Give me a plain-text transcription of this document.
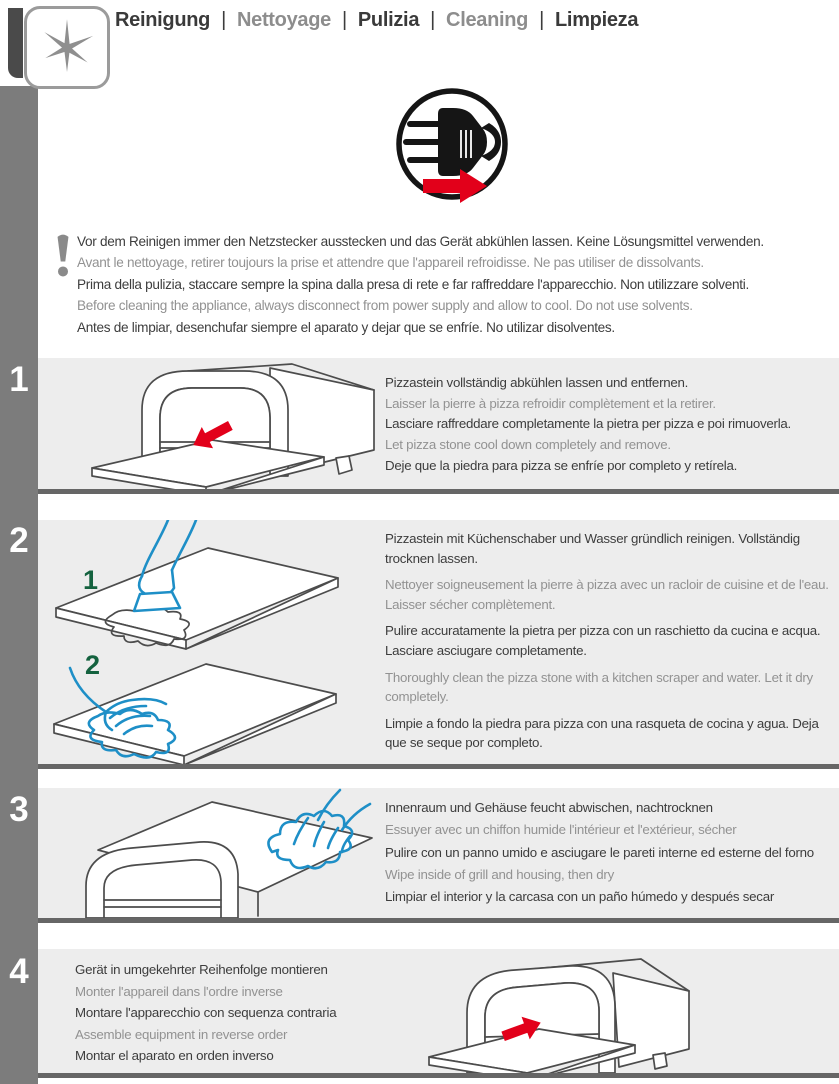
1
2
3
4
Reinigung | Nettoyage | Pulizia | Cleaning | Limpieza

Vor dem Reinigen immer den Netzstecker ausstecken und das Gerät abkühlen lassen. Keine Lösungsmittel verwenden.

Avant le nettoyage, retirer toujours la prise et attendre que l'appareil refroidisse. Ne pas utiliser de dissolvants.

Prima della pulizia, staccare sempre la spina dalla presa di rete e far raffreddare l'apparecchio. Non utilizzare solventi.

Before cleaning the appliance, always disconnect from power supply and allow to cool. Do not use solvents.

Antes de limpiar, desenchufar siempre el aparato y dejar que se enfríe. No utilizar disolventes.

Pizzastein vollständig abkühlen lassen und entfernen.

Laisser la pierre à pizza refroidir complètement et la retirer.

Lasciare raffreddare completamente la pietra per pizza e poi rimuoverla.

Let pizza stone cool down completely and remove.

Deje que la piedra para pizza se enfríe por completo y retírela.

1
2

Pizzastein mit Küchenschaber und Wasser gründlich reinigen. Vollständig trocknen lassen.

Nettoyer soigneusement la pierre à pizza avec un racloir de cuisine et de l'eau. Laisser sécher complètement.

Pulire accuratamente la pietra per pizza con un raschietto da cucina e acqua. Lasciare asciugare completamente.

Thoroughly clean the pizza stone with a kitchen scraper and water. Let it dry completely.

Limpie a fondo la piedra para pizza con una rasqueta de cocina y agua. Deja que se seque por completo.

Innenraum und Gehäuse feucht abwischen, nachtrocknen

Essuyer avec un chiffon humide l'intérieur et l'extérieur, sécher

Pulire con un panno umido e asciugare le pareti interne ed esterne del forno

Wipe inside of grill and housing, then dry

Limpiar el interior y la carcasa con un paño húmedo y después secar

Gerät in umgekehrter Reihenfolge montieren

Monter l'appareil dans l'ordre inverse

Montare l'apparecchio con sequenza contraria

Assemble equipment in reverse order

Montar el aparato en orden inverso
